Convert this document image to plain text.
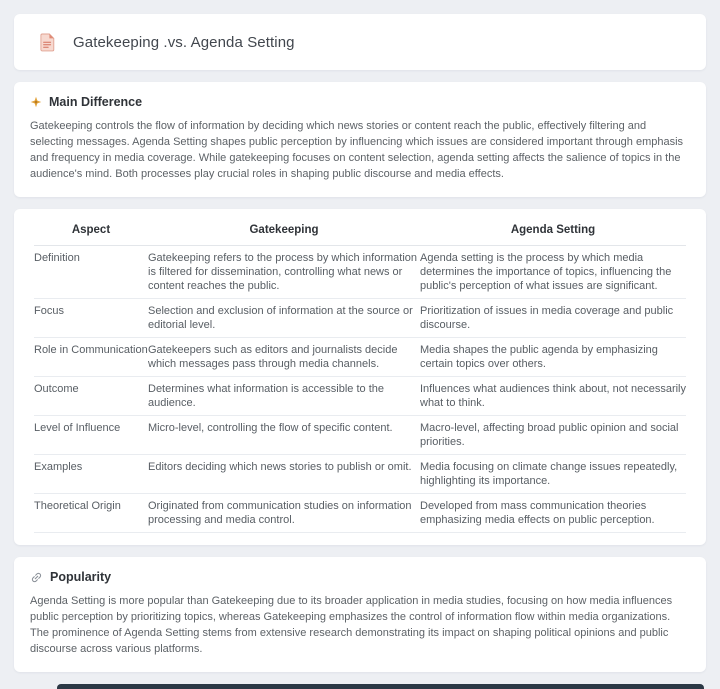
Gatekeeping .vs. Agenda Setting
Main Difference

Gatekeeping controls the flow of information by deciding which news stories or content reach the public, effectively filtering and selecting messages. Agenda Setting shapes public perception by influencing which issues are considered important through emphasis and frequency in media coverage. While gatekeeping focuses on content selection, agenda setting affects the salience of topics in the audience's mind. Both processes play crucial roles in shaping public discourse and media effects.

Aspect	Gatekeeping	Agenda Setting
Definition	Gatekeeping refers to the process by which information is filtered for dissemination, controlling what news or content reaches the public.	Agenda setting is the process by which media determines the importance of topics, influencing the public's perception of what issues are significant.
Focus	Selection and exclusion of information at the source or editorial level.	Prioritization of issues in media coverage and public discourse.
Role in Communication	Gatekeepers such as editors and journalists decide which messages pass through media channels.	Media shapes the public agenda by emphasizing certain topics over others.
Outcome	Determines what information is accessible to the audience.	Influences what audiences think about, not necessarily what to think.
Level of Influence	Micro-level, controlling the flow of specific content.	Macro-level, affecting broad public opinion and social priorities.
Examples	Editors deciding which news stories to publish or omit.	Media focusing on climate change issues repeatedly, highlighting its importance.
Theoretical Origin	Originated from communication studies on information processing and media control.	Developed from mass communication theories emphasizing media effects on public perception.
Popularity

Agenda Setting is more popular than Gatekeeping due to its broader application in media studies, focusing on how media influences public perception by prioritizing topics, whereas Gatekeeping emphasizes the control of information flow within media organizations. The prominence of Agenda Setting stems from extensive research demonstrating its impact on shaping political opinions and public discourse across various platforms.
